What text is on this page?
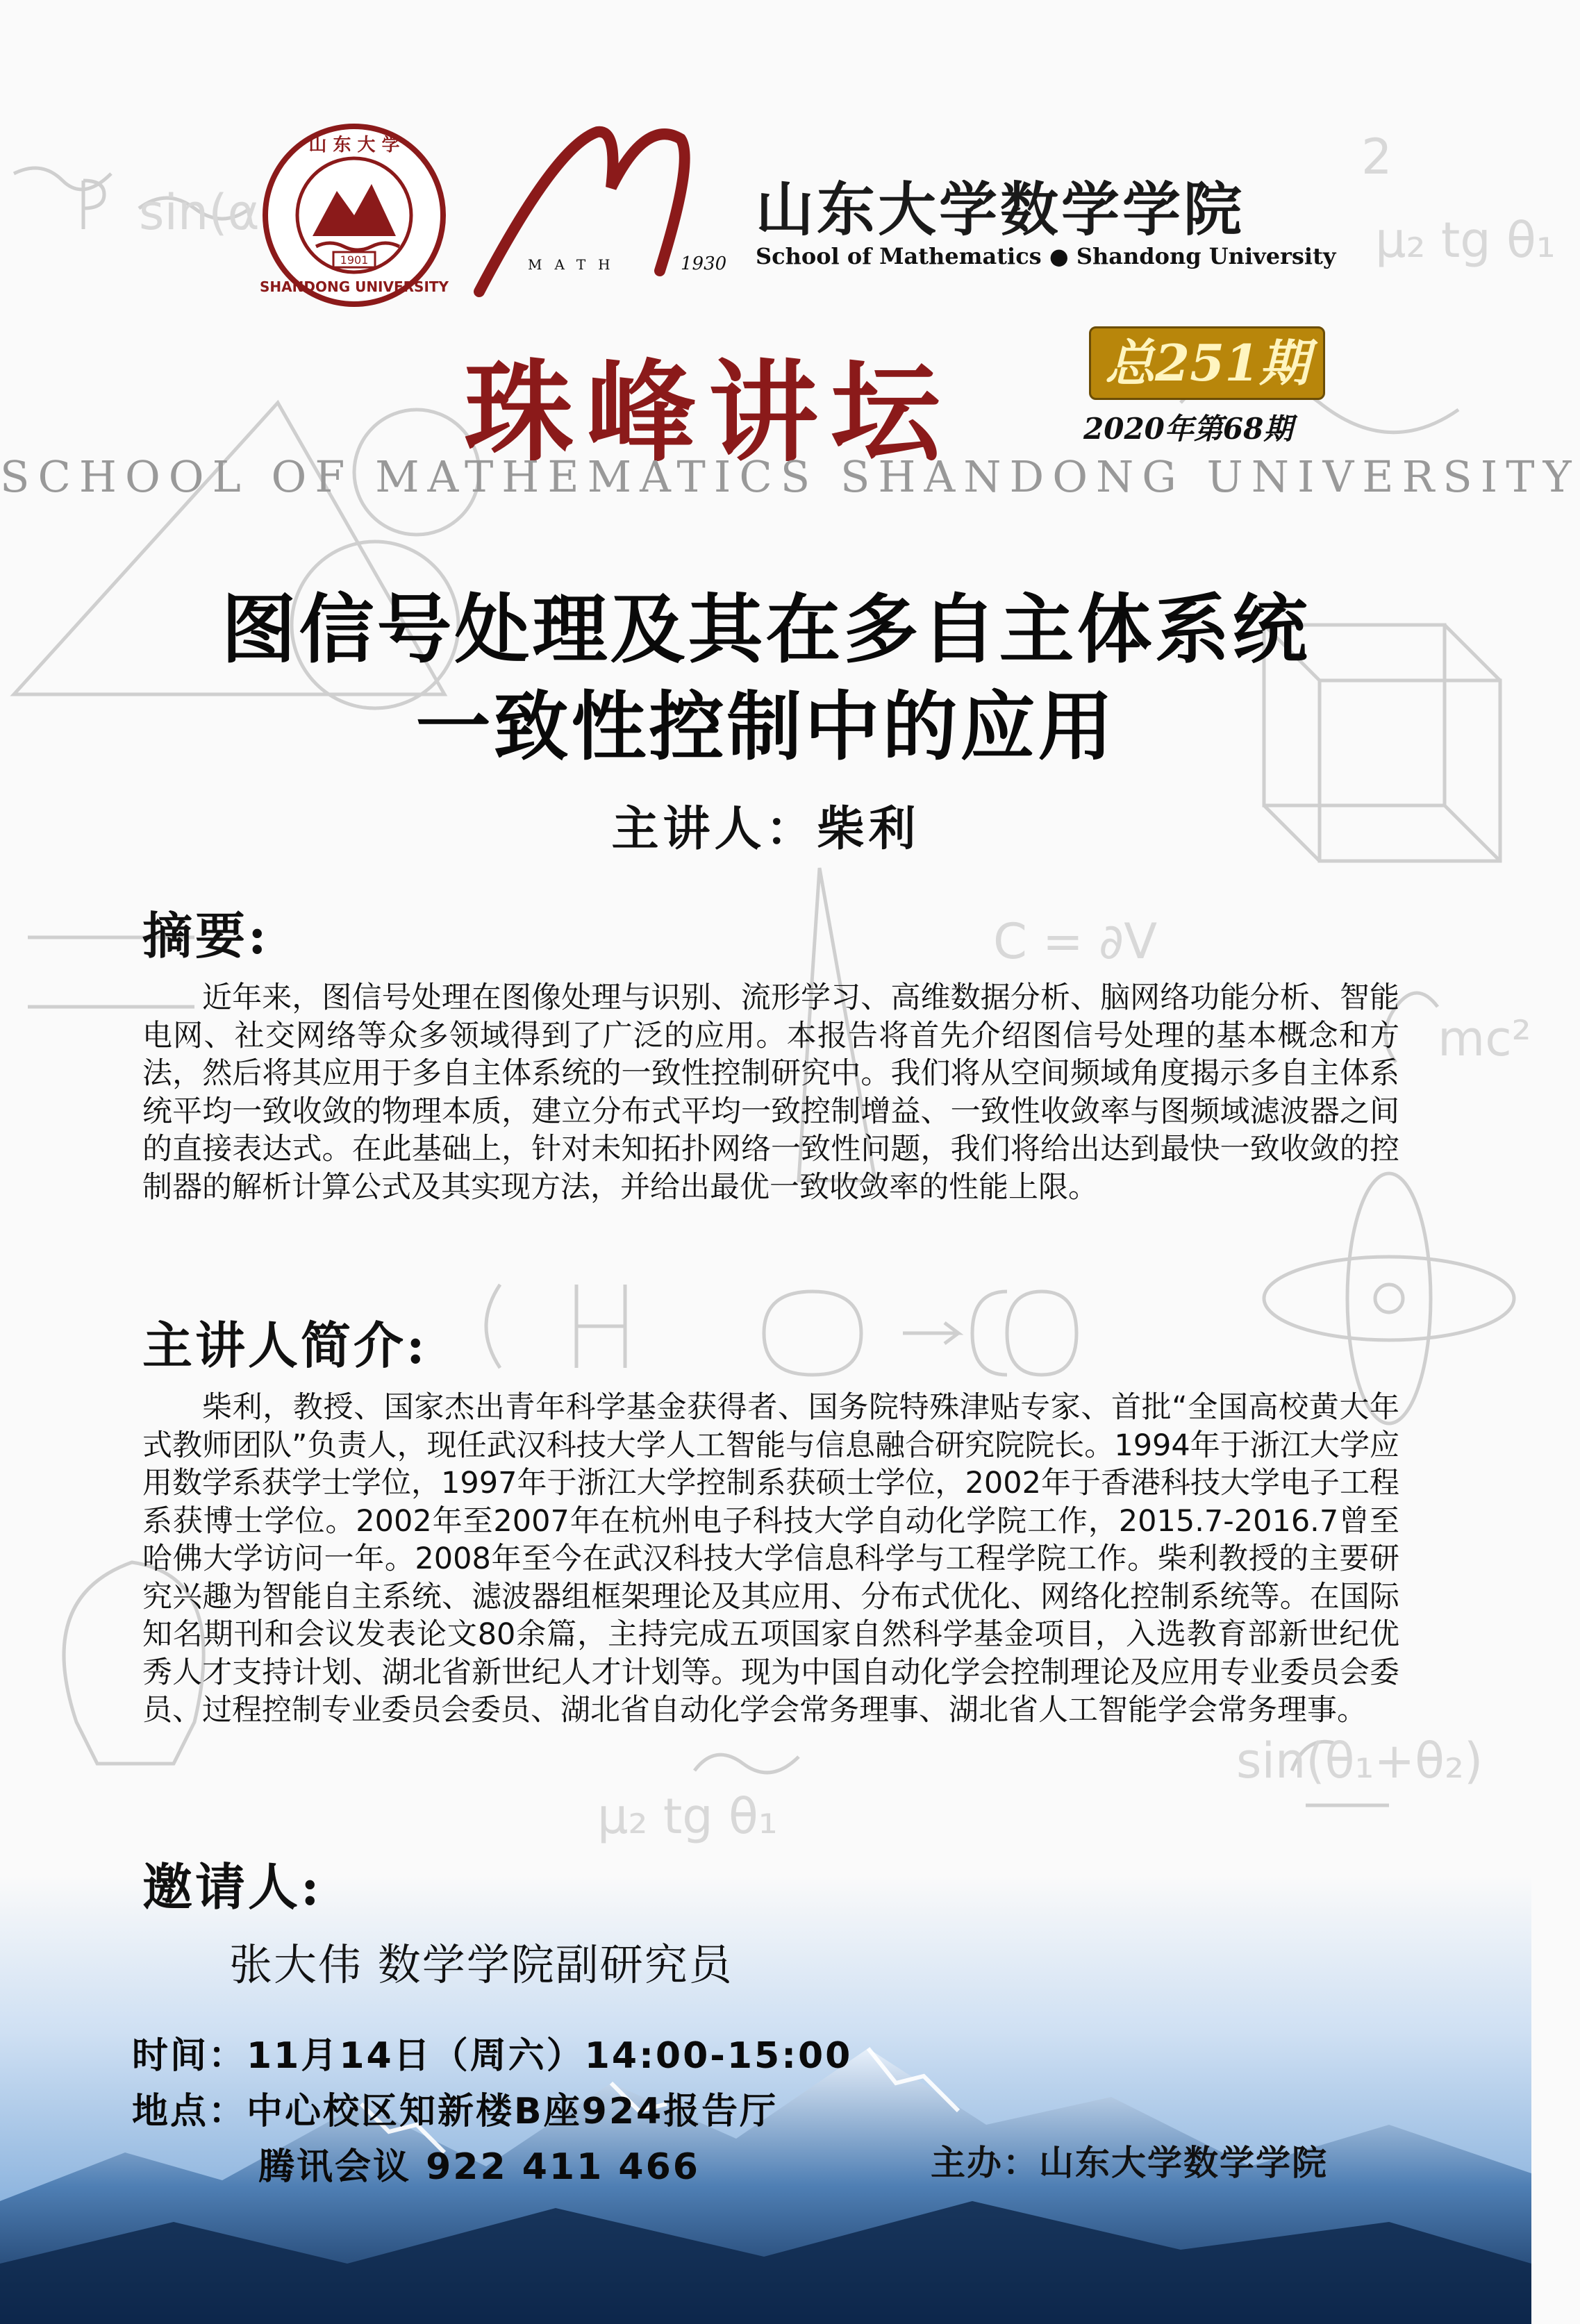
C = ∂V
mc²
sin(θ₁+θ₂)
μ₂ tg θ₁
2
μ₂ tg θ₁
sin(α
1901
SHANDONG UNIVERSITY
山 东 大 学
MATH	1930
山东大学数学学院
School of Mathematics ● Shandong University
珠峰讲坛	总251期
2020年第68期
SCHOOL OF MATHEMATICS SHANDONG UNIVERSITY
图信号处理及其在多自主体系统
一致性控制中的应用
主讲人：柴利
摘要:
近年来，图信号处理在图像处理与识别、流形学习、高维数据分析、脑网络功能分析、智能电网、社交网络等众多领域得到了广泛的应用。本报告将首先介绍图信号处理的基本概念和方法，然后将其应用于多自主体系统的一致性控制研究中。我们将从空间频域角度揭示多自主体系统平均一致收敛的物理本质，建立分布式平均一致控制增益、一致性收敛率与图频域滤波器之间的直接表达式。在此基础上，针对未知拓扑网络一致性问题，我们将给出达到最快一致收敛的控制器的解析计算公式及其实现方法，并给出最优一致收敛率的性能上限。
主讲人简介:
柴利，教授、国家杰出青年科学基金获得者、国务院特殊津贴专家、首批“全国高校黄大年式教师团队”负责人，现任武汉科技大学人工智能与信息融合研究院院长。1994年于浙江大学应用数学系获学士学位，1997年于浙江大学控制系获硕士学位，2002年于香港科技大学电子工程系获博士学位。2002年至2007年在杭州电子科技大学自动化学院工作，2015.7-2016.7曾至哈佛大学访问一年。2008年至今在武汉科技大学信息科学与工程学院工作。柴利教授的主要研究兴趣为智能自主系统、滤波器组框架理论及其应用、分布式优化、网络化控制系统等。在国际知名期刊和会议发表论文80余篇，主持完成五项国家自然科学基金项目，入选教育部新世纪优秀人才支持计划、湖北省新世纪人才计划等。现为中国自动化学会控制理论及应用专业委员会委员、过程控制专业委员会委员、湖北省自动化学会常务理事、湖北省人工智能学会常务理事。
邀请人:
张大伟 数学学院副研究员
时间：11月14日（周六）14:00-15:00
地点：中心校区知新楼B座924报告厅
腾讯会议 922 411 466	主办：山东大学数学学院
